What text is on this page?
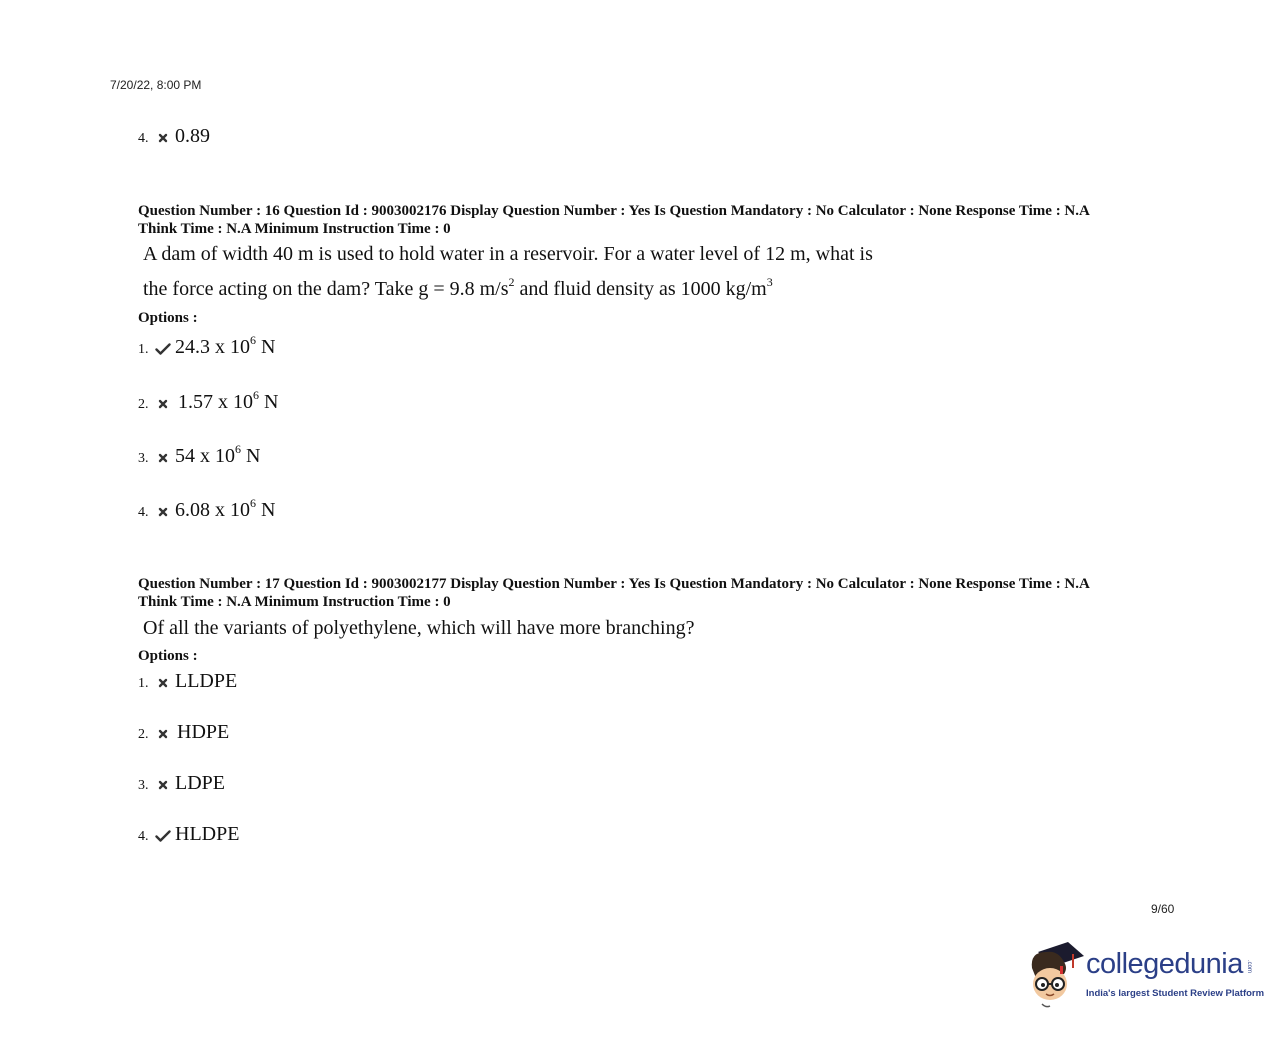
7/20/22, 8:00 PM
4.	0.89
Question Number : 16 Question Id : 9003002176 Display Question Number : Yes Is Question Mandatory : No Calculator : None Response Time : N.A
Think Time : N.A Minimum Instruction Time : 0
A dam of width 40 m is used to hold water in a reservoir. For a water level of 12 m, what is
the force acting on the dam? Take g = 9.8 $m/s^2$ and fluid density as 1000 $kg/m^3$
Options :
1.	24.3 x $10^6$ N
2.	1.57 x $10^6$ N
3.	54 x $10^6$ N
4.	6.08 x $10^6$ N
Question Number : 17 Question Id : 9003002177 Display Question Number : Yes Is Question Mandatory : No Calculator : None Response Time : N.A
Think Time : N.A Minimum Instruction Time : 0
Of all the variants of polyethylene, which will have more branching?
Options :
1.	LLDPE
2.	HDPE
3.	LDPE
4.	HLDPE
9/60
collegedunia .com
India's largest Student Review Platform
